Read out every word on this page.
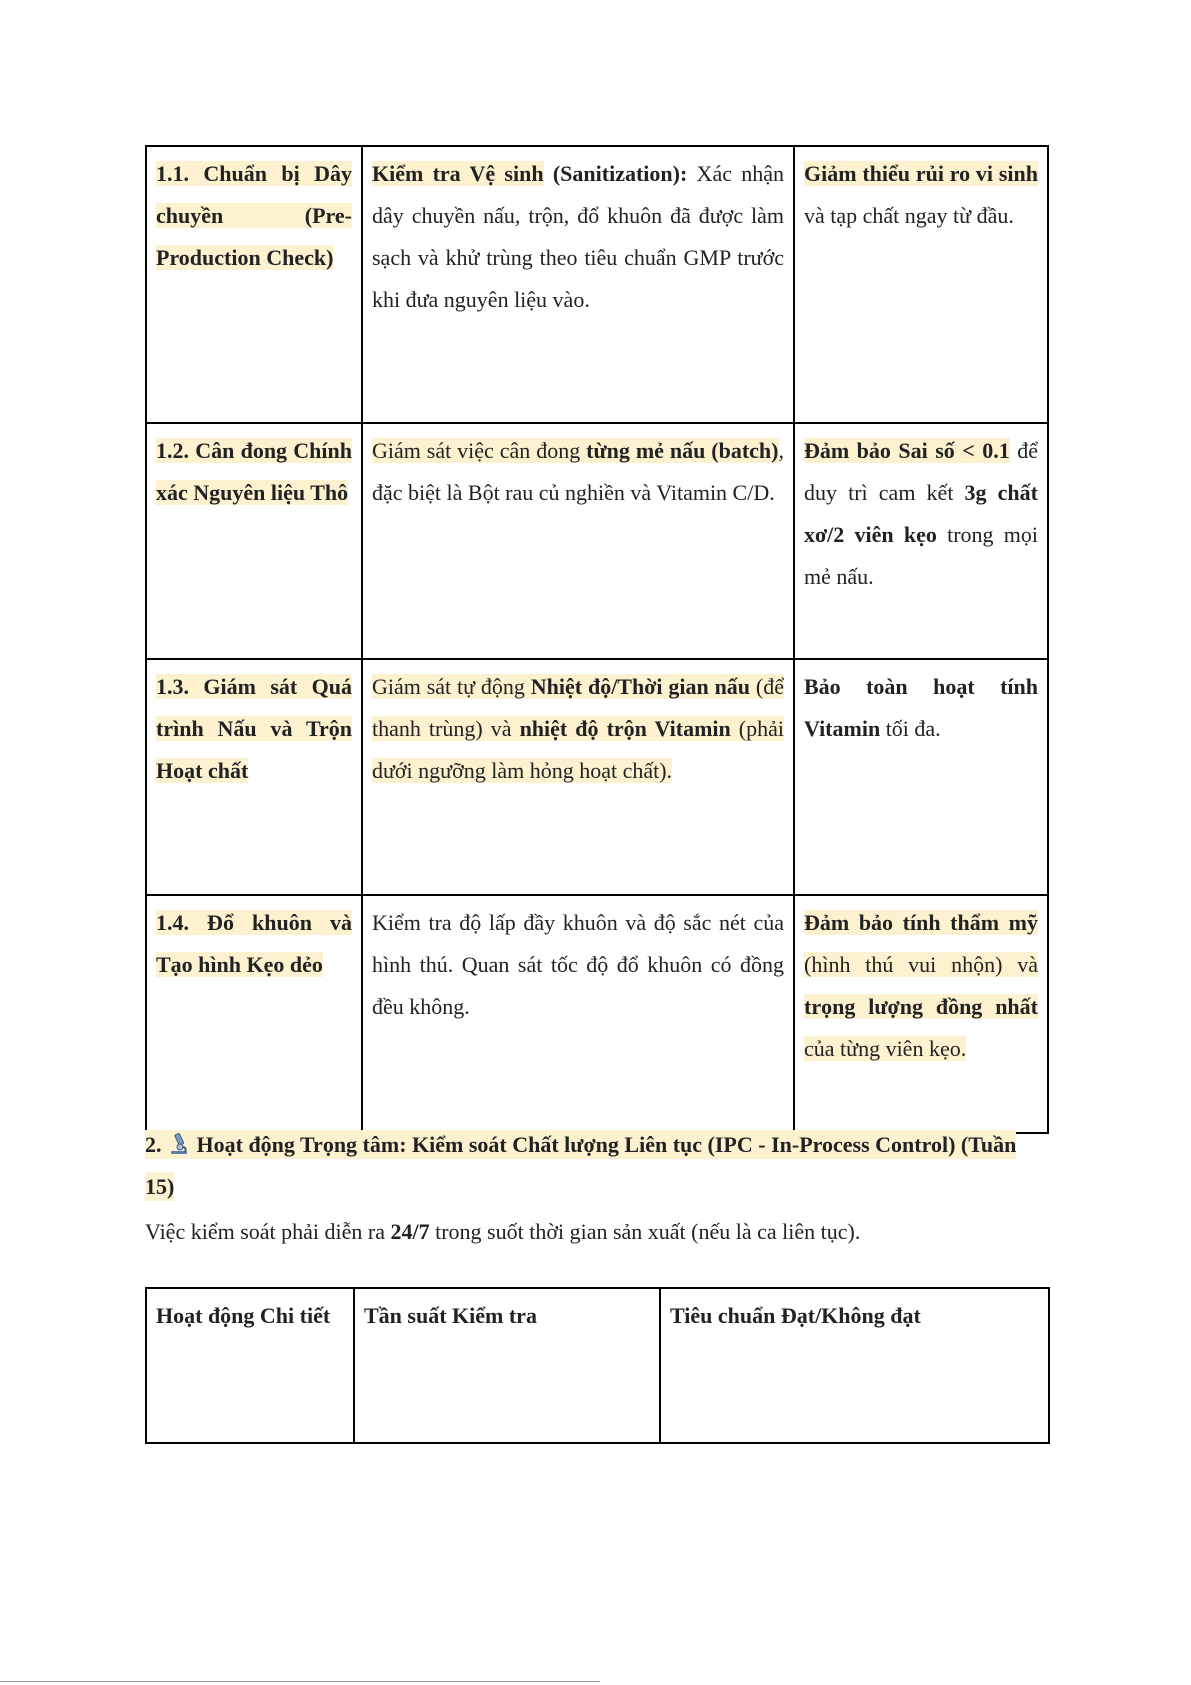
1.1. Chuẩn bị Dây chuyền (Pre-Production Check)	Kiểm tra Vệ sinh (Sanitization): Xác nhận dây chuyền nấu, trộn, đổ khuôn đã được làm sạch và khử trùng theo tiêu chuẩn GMP trước khi đưa nguyên liệu vào.	Giảm thiểu rủi ro vi sinh và tạp chất ngay từ đầu.
1.2. Cân đong Chính xác Nguyên liệu Thô	Giám sát việc cân đong từng mẻ nấu (batch), đặc biệt là Bột rau củ nghiền và Vitamin C/D.	Đảm bảo Sai số < 0.1 để duy trì cam kết 3g chất xơ/2 viên kẹo trong mọi mẻ nấu.
1.3. Giám sát Quá trình Nấu và Trộn Hoạt chất	Giám sát tự động Nhiệt độ/Thời gian nấu (để thanh trùng) và nhiệt độ trộn Vitamin (phải dưới ngưỡng làm hỏng hoạt chất).	Bảo toàn hoạt tính Vitamin tối đa.
1.4. Đổ khuôn và Tạo hình Kẹo dẻo	Kiểm tra độ lấp đầy khuôn và độ sắc nét của hình thú. Quan sát tốc độ đổ khuôn có đồng đều không.	Đảm bảo tính thẩm mỹ (hình thú vui nhộn) và trọng lượng đồng nhất của từng viên kẹo.

2.  Hoạt động Trọng tâm: Kiểm soát Chất lượng Liên tục (IPC - In-Process Control) (Tuần 15)

Việc kiểm soát phải diễn ra 24/7 trong suốt thời gian sản xuất (nếu là ca liên tục).

Hoạt động Chi tiết	Tần suất Kiểm tra	Tiêu chuẩn Đạt/Không đạt
